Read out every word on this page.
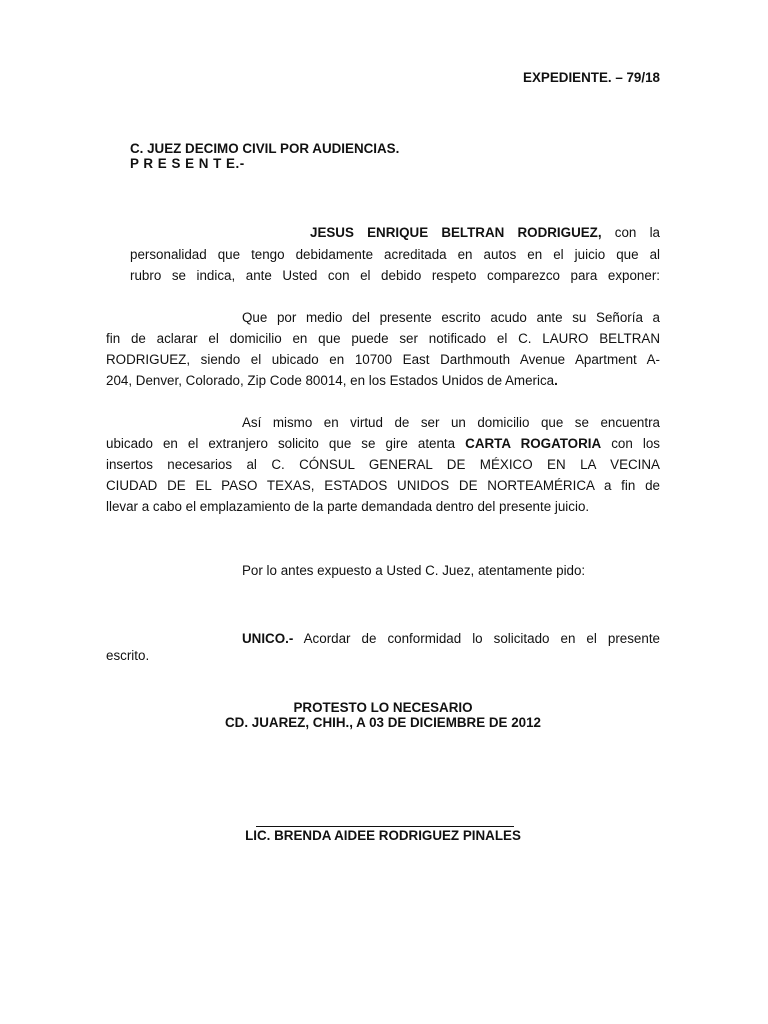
EXPEDIENTE. – 79/18
C. JUEZ DECIMO CIVIL POR AUDIENCIAS.
P R E S E N T E.-
JESUS ENRIQUE BELTRAN RODRIGUEZ, con la
personalidad que tengo debidamente acreditada en autos en el juicio que al
rubro se indica, ante Usted con el debido respeto comparezco para exponer:
Que por medio del presente escrito acudo ante su Señoría a
fin de aclarar el domicilio en que puede ser notificado el C. LAURO BELTRAN
RODRIGUEZ, siendo el ubicado en 10700 East Darthmouth Avenue Apartment A-
204, Denver, Colorado, Zip Code 80014, en los Estados Unidos de America.
Así mismo en virtud de ser un domicilio que se encuentra
ubicado en el extranjero solicito que se gire atenta CARTA ROGATORIA con los
insertos necesarios al C. CÓNSUL GENERAL DE MÉXICO EN LA VECINA
CIUDAD DE EL PASO TEXAS, ESTADOS UNIDOS DE NORTEAMÉRICA a fin de
llevar a cabo el emplazamiento de la parte demandada dentro del presente juicio.
Por lo antes expuesto a Usted C. Juez, atentamente pido:
UNICO.- Acordar de conformidad lo solicitado en el presente
escrito.
PROTESTO LO NECESARIO
CD. JUAREZ, CHIH., A 03 DE DICIEMBRE DE 2012
LIC. BRENDA AIDEE RODRIGUEZ PINALES
